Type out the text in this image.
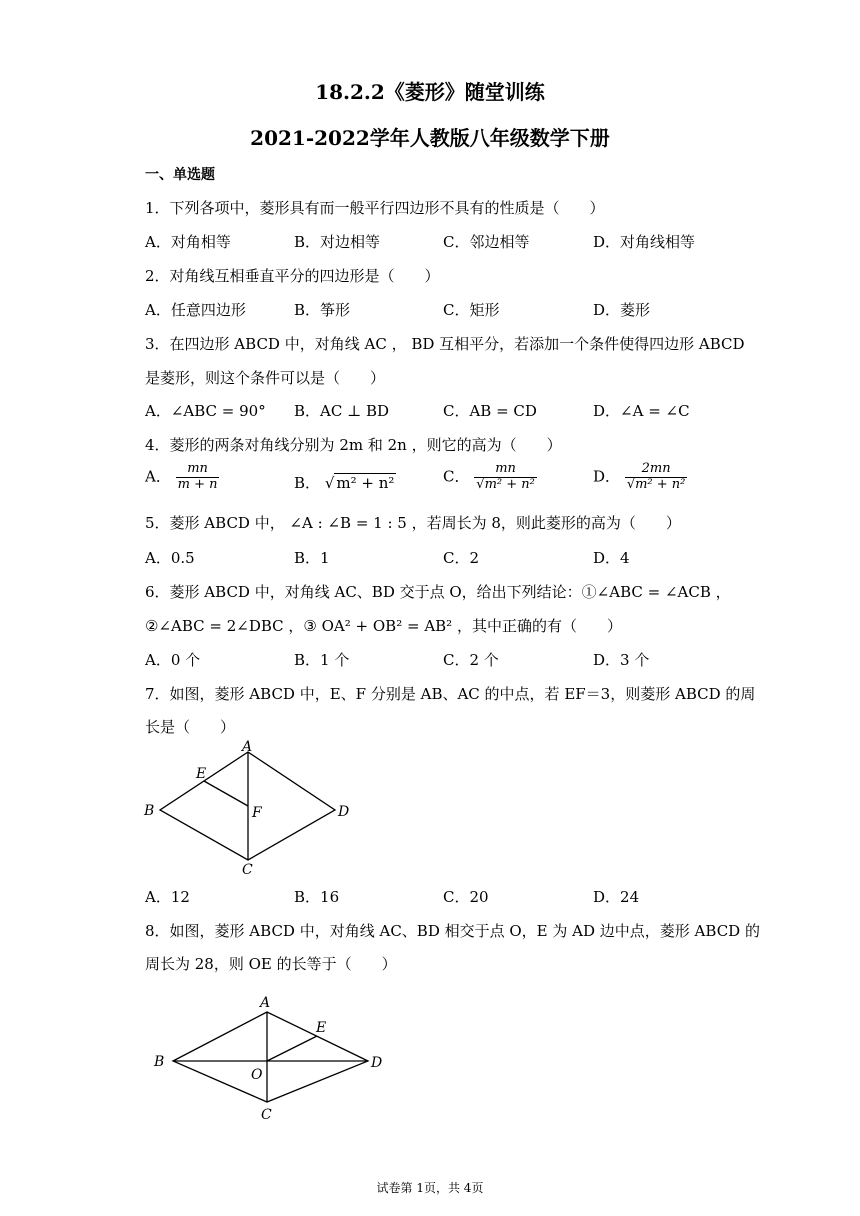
18.2.2《菱形》随堂训练
2021-2022学年人教版八年级数学下册
一、单选题
1．下列各项中，菱形具有而一般平行四边形不具有的性质是（　　）
A．对角相等	B．对边相等	C．邻边相等	D．对角线相等
2．对角线互相垂直平分的四边形是（　　）
A．任意四边形	B．筝形	C．矩形	D．菱形
3．在四边形 ABCD 中，对角线 AC ， BD 互相平分，若添加一个条件使得四边形 ABCD
是菱形，则这个条件可以是（　　）
A．∠ABC = 90° B．AC ⊥ BD	C．AB = CD	D．∠A = ∠C
4．菱形的两条对角线分别为 2m 和 2n ，则它的高为（　　）
A． $\frac{mn}{m + n}$	B． √ m² + n²	C． $\frac{mn}{\text{√m² + n²}}$	D． $\frac{2mn}{\text{√m² + n²}}$
5．菱形 ABCD 中， ∠A : ∠B = 1 : 5 ，若周长为 8，则此菱形的高为（　　）
A．0.5	B．1	C．2	D．4
6．菱形 ABCD 中，对角线 AC、BD 交于点 O，给出下列结论：①∠ABC = ∠ACB ，
②∠ABC = 2∠DBC ，③ OA² + OB² = AB² ，其中正确的有（　　）
A．0 个	B．1 个	C．2 个	D．3 个
7．如图，菱形 ABCD 中，E、F 分别是 AB、AC 的中点，若 EF＝3，则菱形 ABCD 的周
长是（　　）
A
E
B	F	D
C
A．12	B．16	C．20	D．24
8．如图，菱形 ABCD 中，对角线 AC、BD 相交于点 O，E 为 AD 边中点，菱形 ABCD 的
周长为 28，则 OE 的长等于（　　）
A
E
B
O
D
C
试卷第 1页，共 4页
